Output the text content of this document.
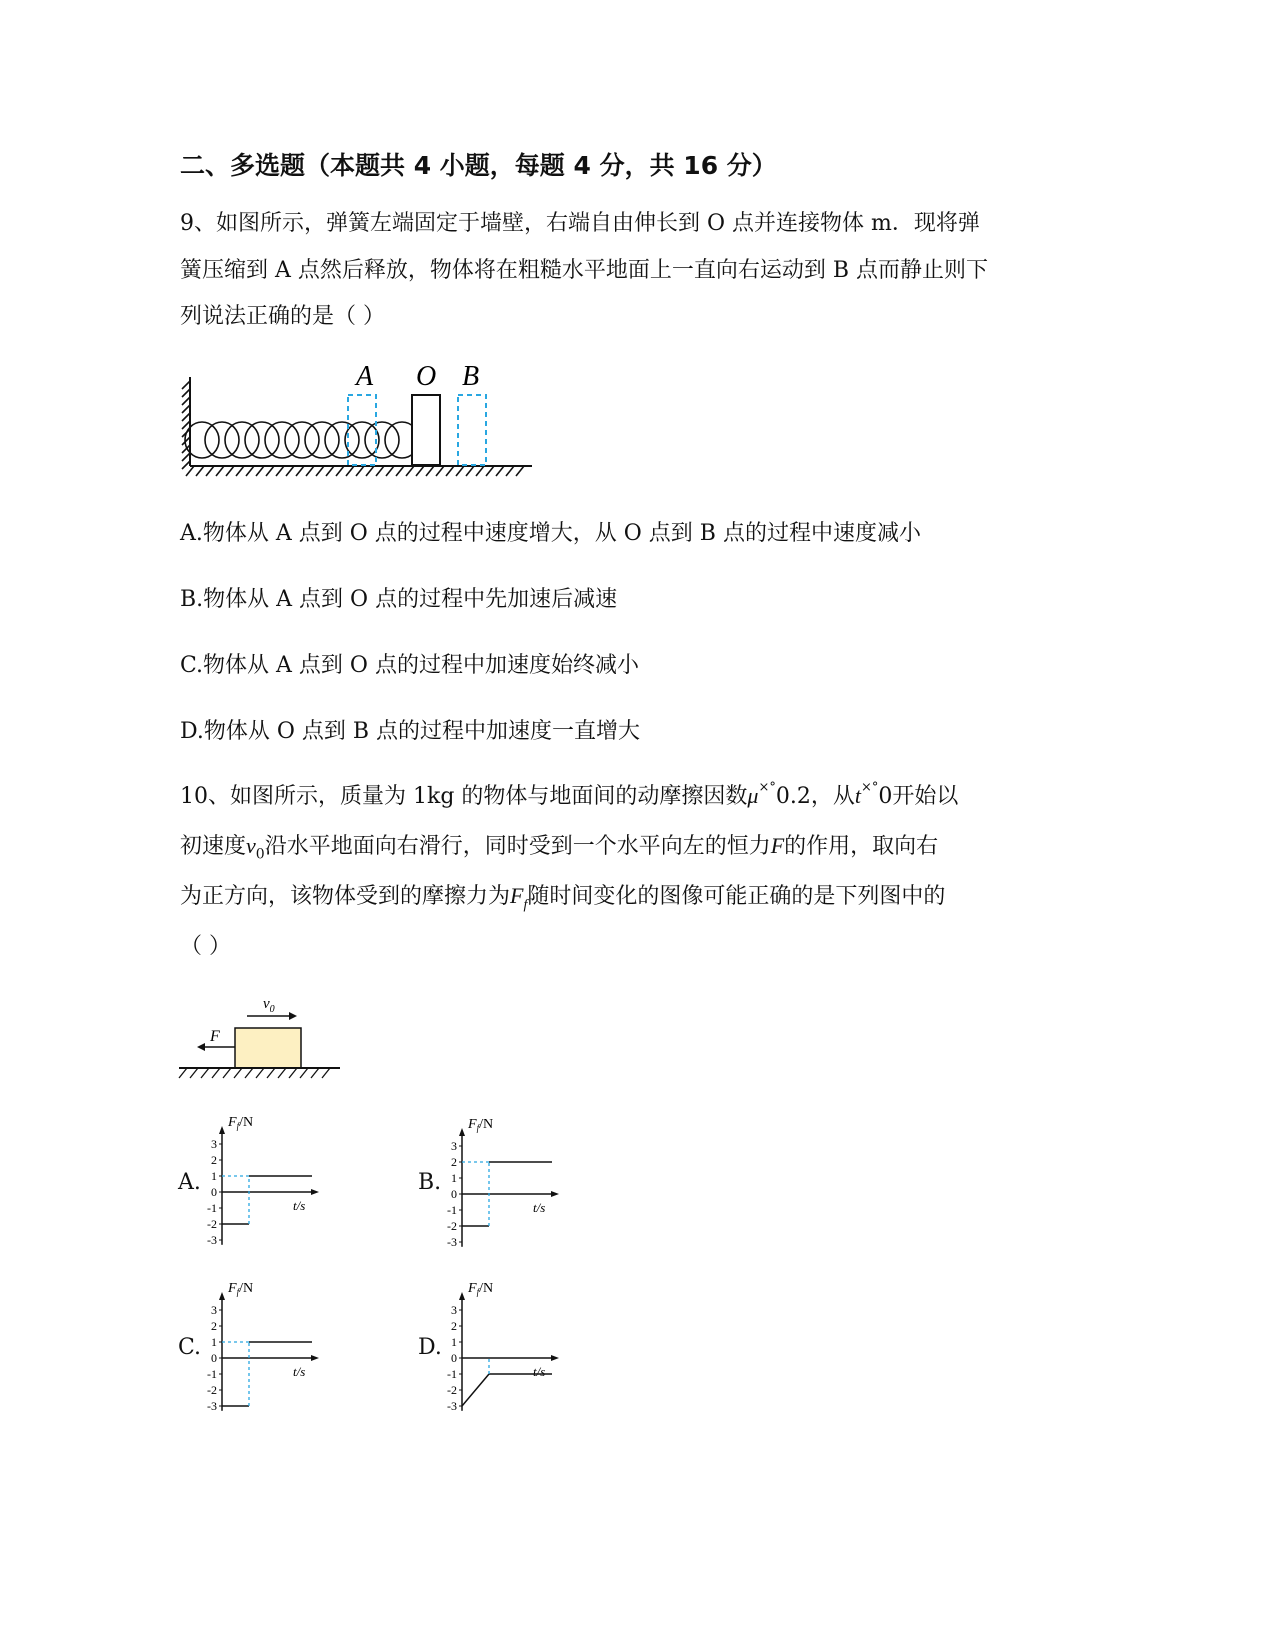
二、多选题（本题共 4 小题，每题 4 分，共 16 分）
9、如图所示，弹簧左端固定于墙壁，右端自由伸长到 O 点并连接物体 m．现将弹
簧压缩到 A 点然后释放，物体将在粗糙水平地面上一直向右运动到 B 点而静止则下
列说法正确的是（ ）
A O B
A.物体从 A 点到 O 点的过程中速度增大，从 O 点到 B 点的过程中速度减小
B.物体从 A 点到 O 点的过程中先加速后减速
C.物体从 A 点到 O 点的过程中加速度始终减小
D.物体从 O 点到 B 点的过程中加速度一直增大
10、如图所示，质量为 1kg 的物体与地面间的动摩擦因数μ×°0.2，从t×°0开始以
初速度$v_0$沿水平地面向右滑行，同时受到一个水平向左的恒力F的作用，取向右
为正方向，该物体受到的摩擦力为$F_f$随时间变化的图像可能正确的是下列图中的
（ ）
$v_0$
F
A.	B.
C.	D.
$F_f/N$
t/s
3
2
1
0
-1
-2
-3
$F_f/N$
t/s
3
2
1
0
-1
-2
-3
$F_f/N$
t/s
3
2
1
0
-1
-2
-3
$F_f/N$
t/s
3
2
1
0
-1
-2
-3
